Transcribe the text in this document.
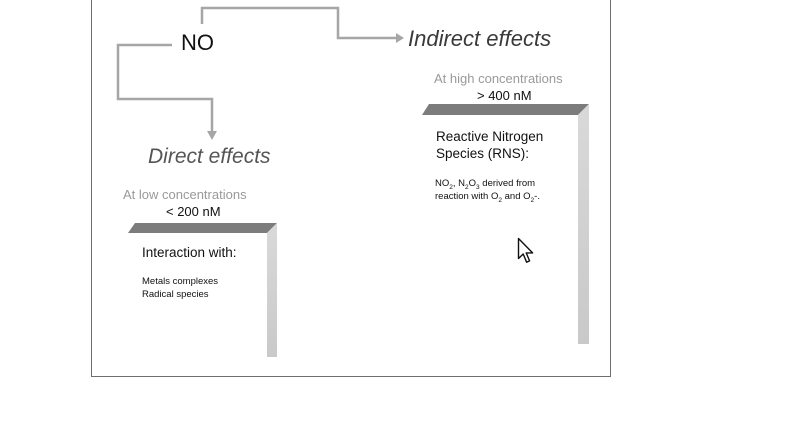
NO	Indirect effects
Direct effects
At high concentrations
> 400 nM
At low concentrations
< 200 nM
Interaction with:
Metals complexes
Radical species
Reactive Nitrogen
Species (RNS):
$NO_2$, $N_2O_3$ derived from
reaction with $O_2$ and $O_2-$.
